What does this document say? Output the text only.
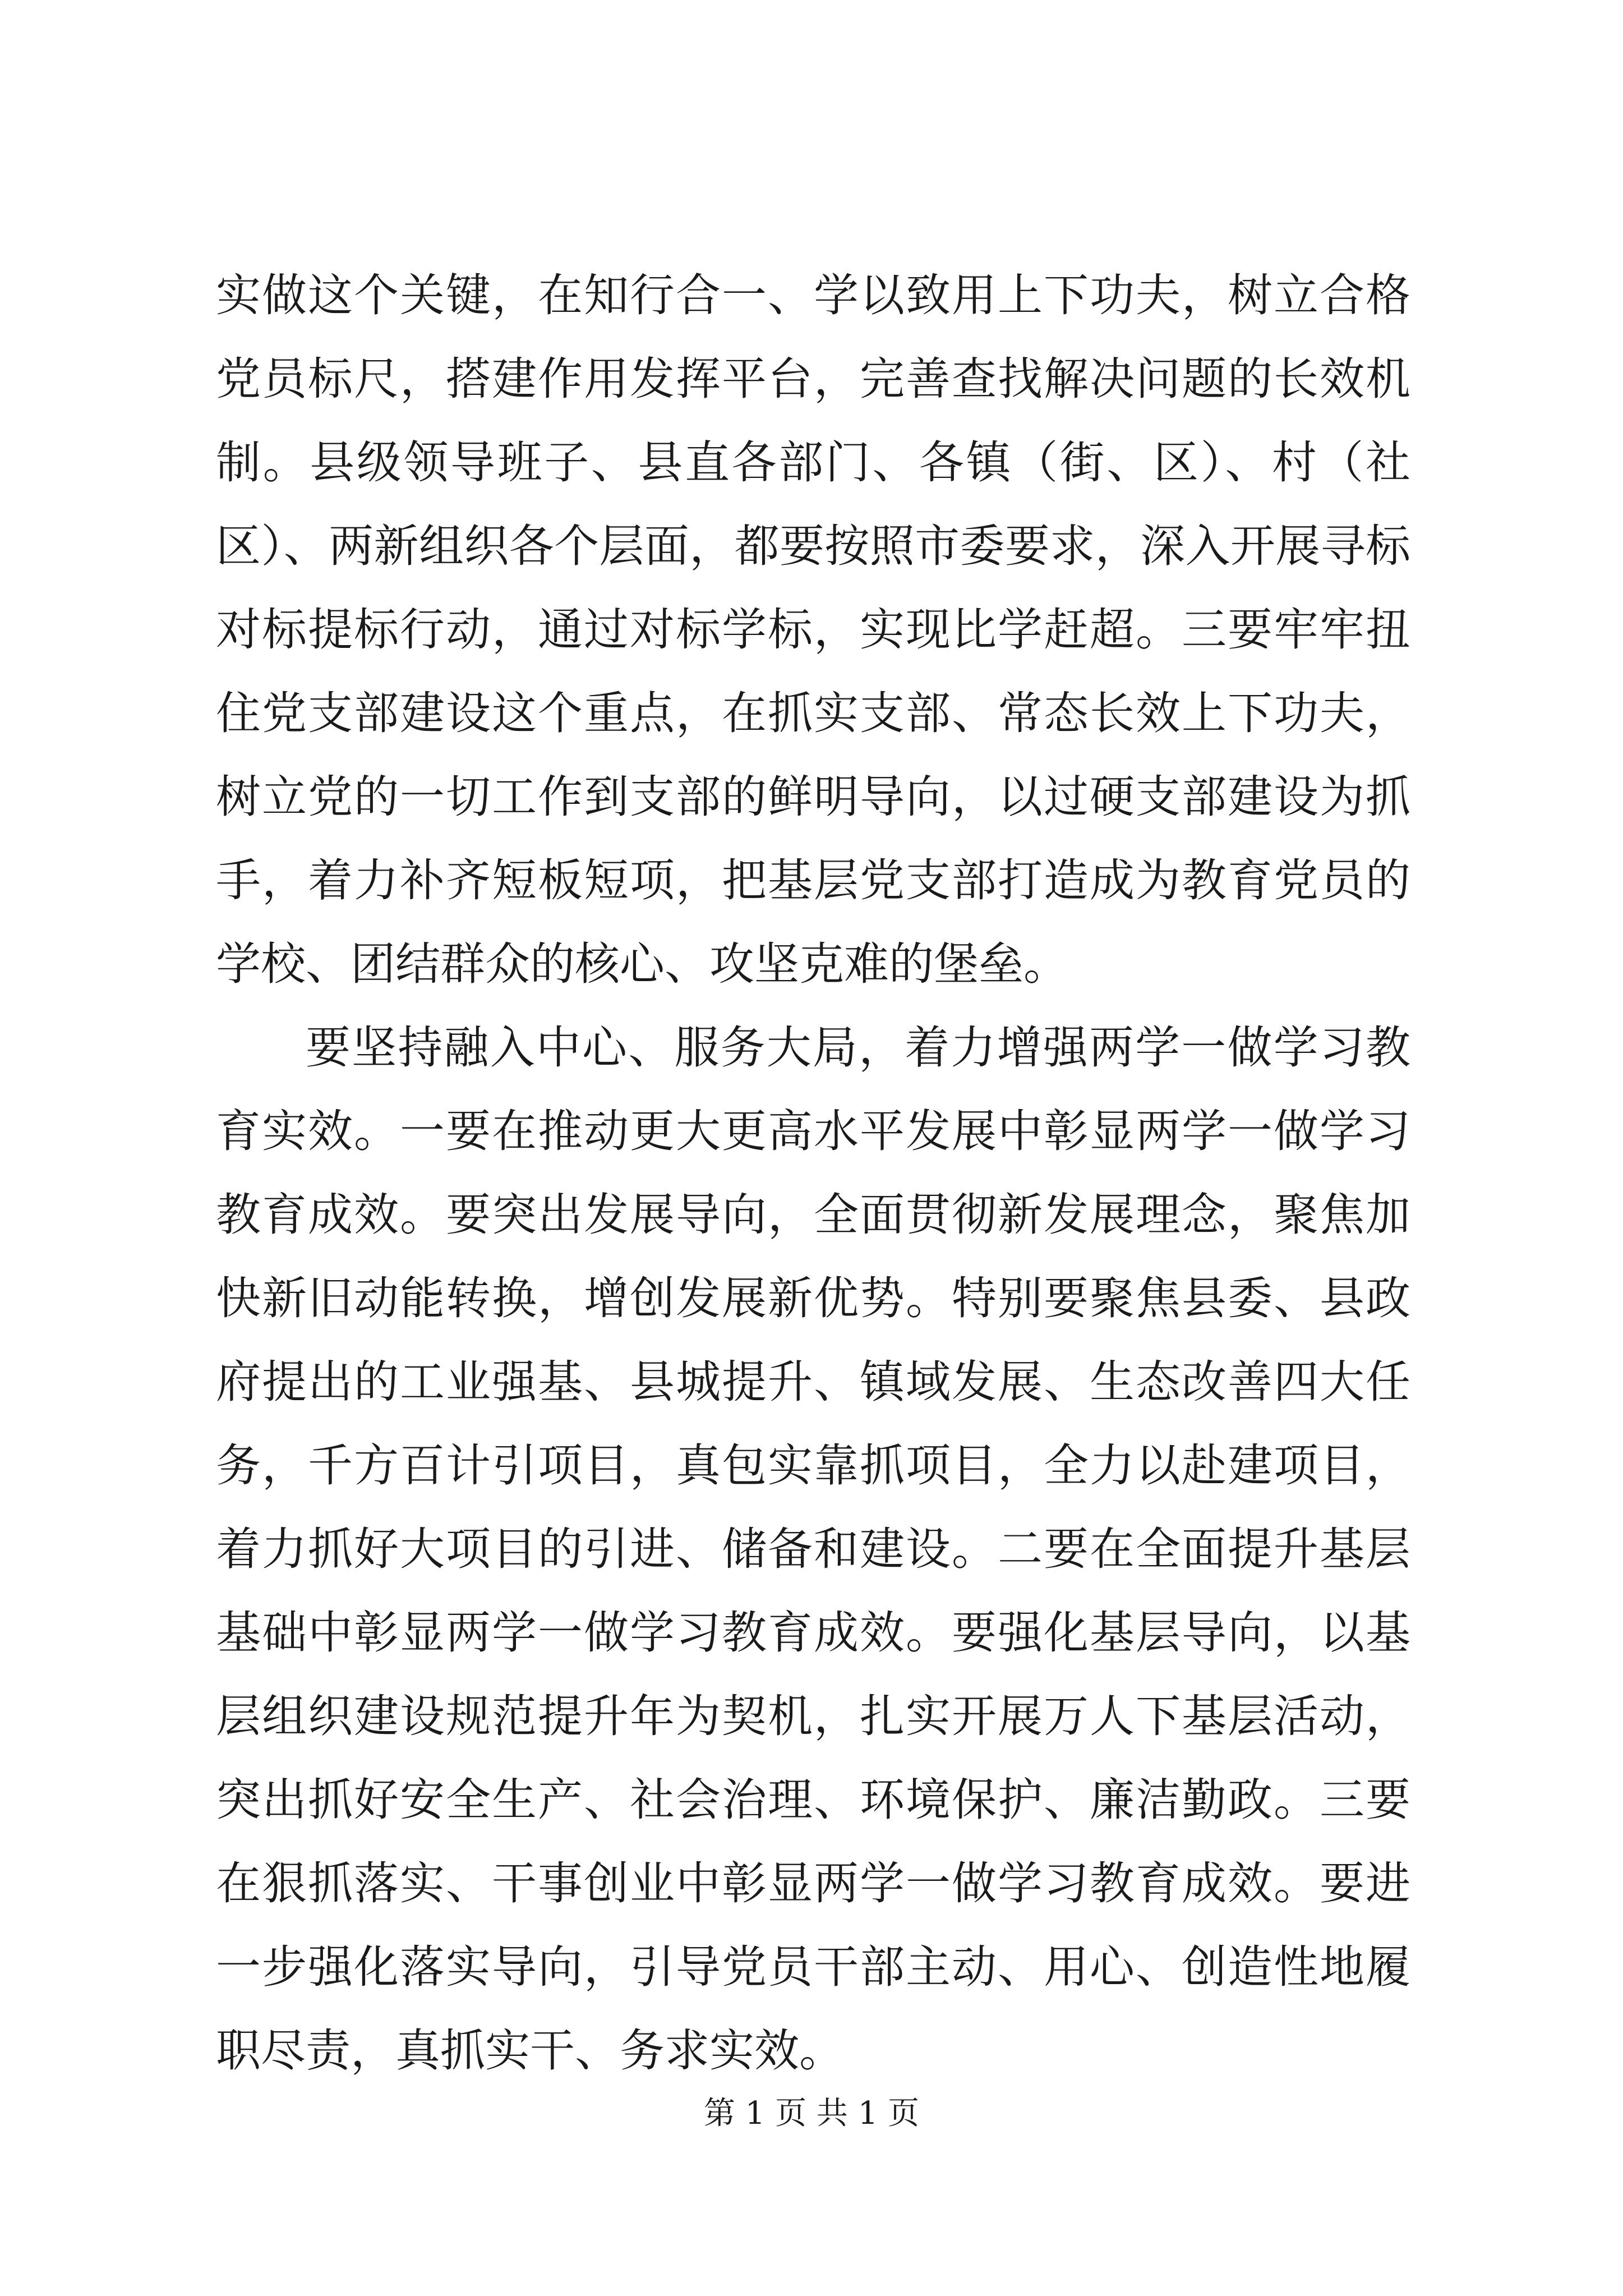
实做这个关键，在知行合一、学以致用上下功夫，树立合格党员标尺，搭建作用发挥平台，完善查找解决问题的长效机制。县级领导班子、县直各部门、各镇（街、区）、村（社区）、两新组织各个层面，都要按照市委要求，深入开展寻标对标提标行动，通过对标学标，实现比学赶超。三要牢牢扭住党支部建设这个重点，在抓实支部、常态长效上下功夫，树立党的一切工作到支部的鲜明导向，以过硬支部建设为抓手，着力补齐短板短项，把基层党支部打造成为教育党员的学校、团结群众的核心、攻坚克难的堡垒。

要坚持融入中心、服务大局，着力增强两学一做学习教育实效。一要在推动更大更高水平发展中彰显两学一做学习教育成效。要突出发展导向，全面贯彻新发展理念，聚焦加快新旧动能转换，增创发展新优势。特别要聚焦县委、县政府提出的工业强基、县城提升、镇域发展、生态改善四大任务，千方百计引项目，真包实靠抓项目，全力以赴建项目，着力抓好大项目的引进、储备和建设。二要在全面提升基层基础中彰显两学一做学习教育成效。要强化基层导向，以基层组织建设规范提升年为契机，扎实开展万人下基层活动，突出抓好安全生产、社会治理、环境保护、廉洁勤政。三要在狠抓落实、干事创业中彰显两学一做学习教育成效。要进一步强化落实导向，引导党员干部主动、用心、创造性地履职尽责，真抓实干、务求实效。

第 1 页 共 1 页
